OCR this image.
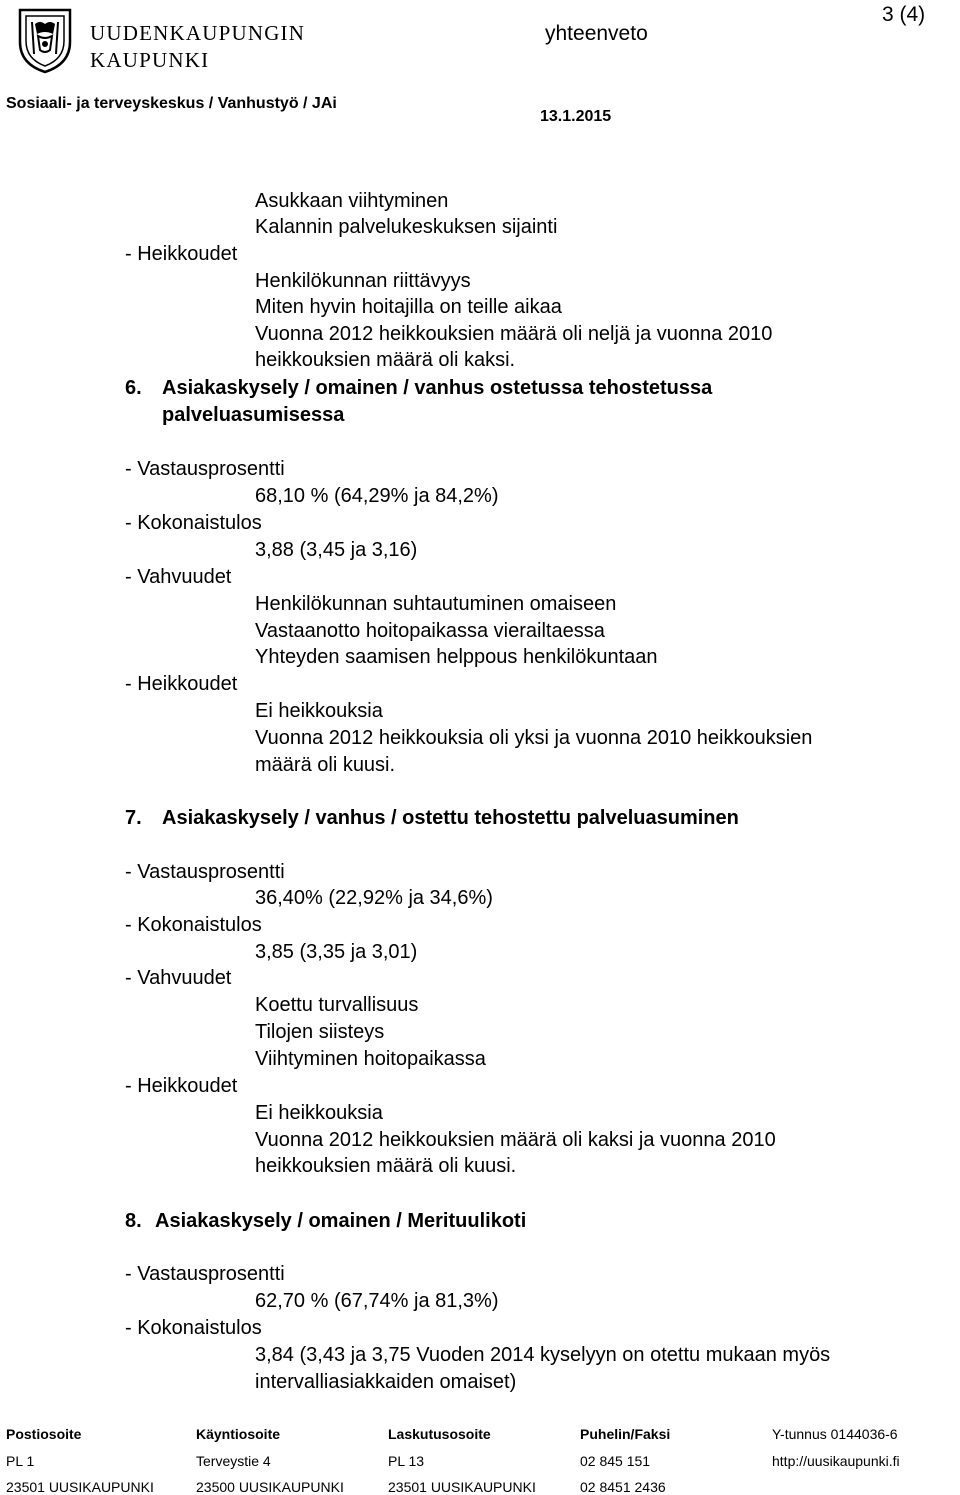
UUDENKAUPUNGIN
KAUPUNKI
Sosiaali- ja terveyskeskus / Vanhustyö / JAi
yhteenveto
13.1.2015
3 (4)
Asukkaan viihtyminen
Kalannin palvelukeskuksen sijainti
- Heikkoudet
Henkilökunnan riittävyys
Miten hyvin hoitajilla on teille aikaa
Vuonna 2012 heikkouksien määrä oli neljä ja vuonna 2010
heikkouksien määrä oli kaksi.
6. Asiakaskysely / omainen / vanhus ostetussa tehostetussa
palveluasumisessa
- Vastausprosentti
68,10 % (64,29% ja 84,2%)
- Kokonaistulos
3,88 (3,45 ja 3,16)
- Vahvuudet
Henkilökunnan suhtautuminen omaiseen
Vastaanotto hoitopaikassa vierailtaessa
Yhteyden saamisen helppous henkilökuntaan
- Heikkoudet
Ei heikkouksia
Vuonna 2012 heikkouksia oli yksi ja vuonna 2010 heikkouksien
määrä oli kuusi.
7. Asiakaskysely / vanhus / ostettu tehostettu palveluasuminen
- Vastausprosentti
36,40% (22,92% ja 34,6%)
- Kokonaistulos
3,85 (3,35 ja 3,01)
- Vahvuudet
Koettu turvallisuus
Tilojen siisteys
Viihtyminen hoitopaikassa
- Heikkoudet
Ei heikkouksia
Vuonna 2012 heikkouksien määrä oli kaksi ja vuonna 2010
heikkouksien määrä oli kuusi.
8. Asiakaskysely / omainen / Merituulikoti
- Vastausprosentti
62,70 % (67,74% ja 81,3%)
- Kokonaistulos
3,84 (3,43 ja 3,75 Vuoden 2014 kyselyyn on otettu mukaan myös
intervalliasiakkaiden omaiset)
Postiosoite	Käyntiosoite	Laskutusosoite	Puhelin/Faksi	Y-tunnus 0144036-6
PL 1	Terveystie 4	PL 13	02 845 151	http://uusikaupunki.fi
23501 UUSIKAUPUNKI	23500 UUSIKAUPUNKI	23501 UUSIKAUPUNKI	02 8451 2436
